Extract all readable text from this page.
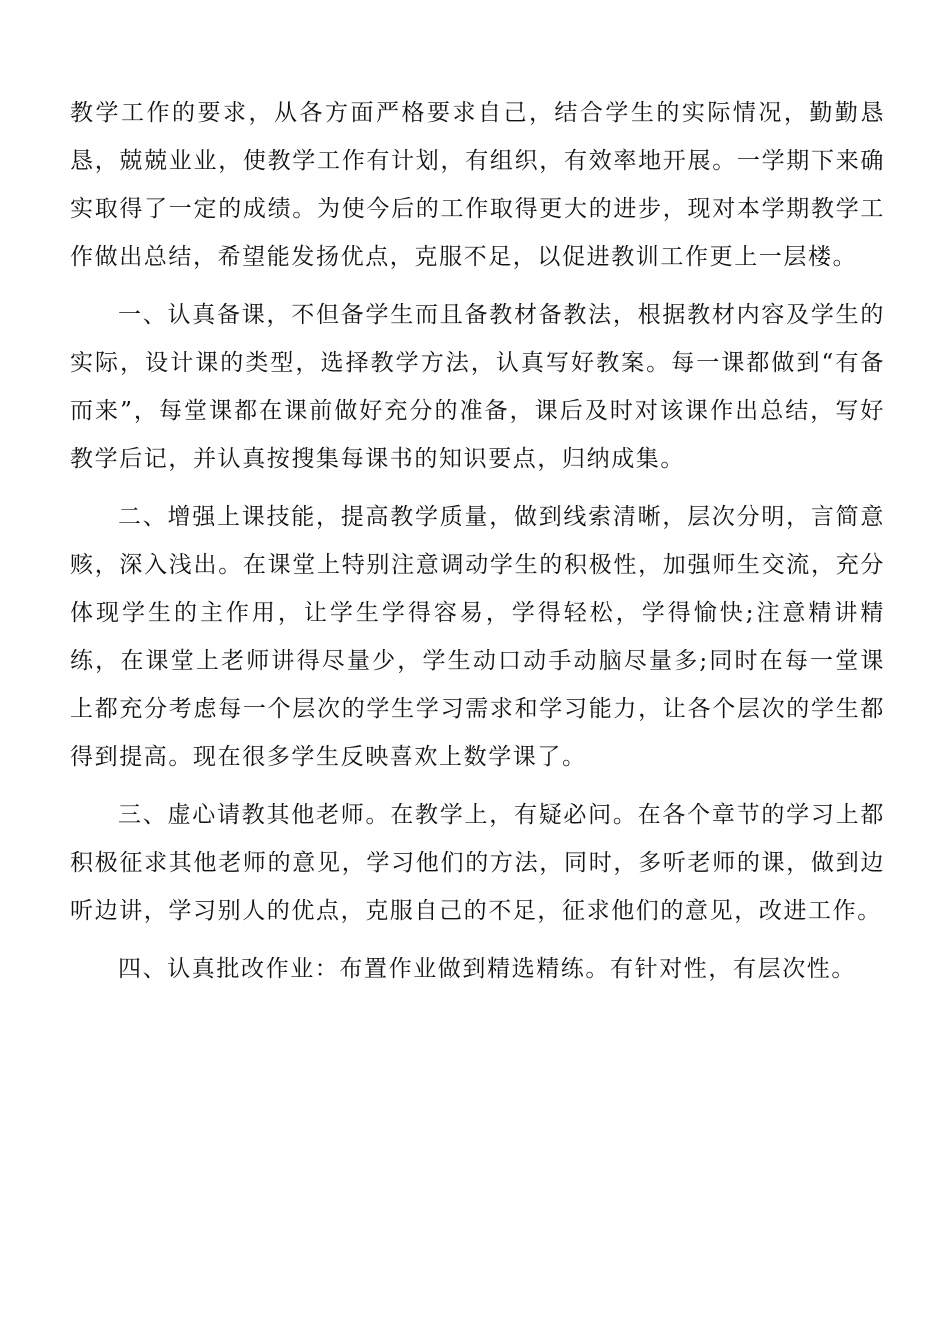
教学工作的要求，从各方面严格要求自己，结合学生的实际情况，勤勤恳恳，兢兢业业，使教学工作有计划，有组织，有效率地开展。一学期下来确实取得了一定的成绩。为使今后的工作取得更大的进步，现对本学期教学工作做出总结，希望能发扬优点，克服不足，以促进教训工作更上一层楼。

一、认真备课，不但备学生而且备教材备教法，根据教材内容及学生的实际，设计课的类型，选择教学方法，认真写好教案。每一课都做到“有备而来”，每堂课都在课前做好充分的准备，课后及时对该课作出总结，写好教学后记，并认真按搜集每课书的知识要点，归纳成集。

二、增强上课技能，提高教学质量，做到线索清晰，层次分明，言简意赅，深入浅出。在课堂上特别注意调动学生的积极性，加强师生交流，充分体现学生的主作用，让学生学得容易，学得轻松，学得愉快;注意精讲精练，在课堂上老师讲得尽量少，学生动口动手动脑尽量多;同时在每一堂课上都充分考虑每一个层次的学生学习需求和学习能力，让各个层次的学生都得到提高。现在很多学生反映喜欢上数学课了。

三、虚心请教其他老师。在教学上，有疑必问。在各个章节的学习上都积极征求其他老师的意见，学习他们的方法，同时，多听老师的课，做到边听边讲，学习别人的优点，克服自己的不足，征求他们的意见，改进工作。

四、认真批改作业：布置作业做到精选精练。有针对性，有层次性。
